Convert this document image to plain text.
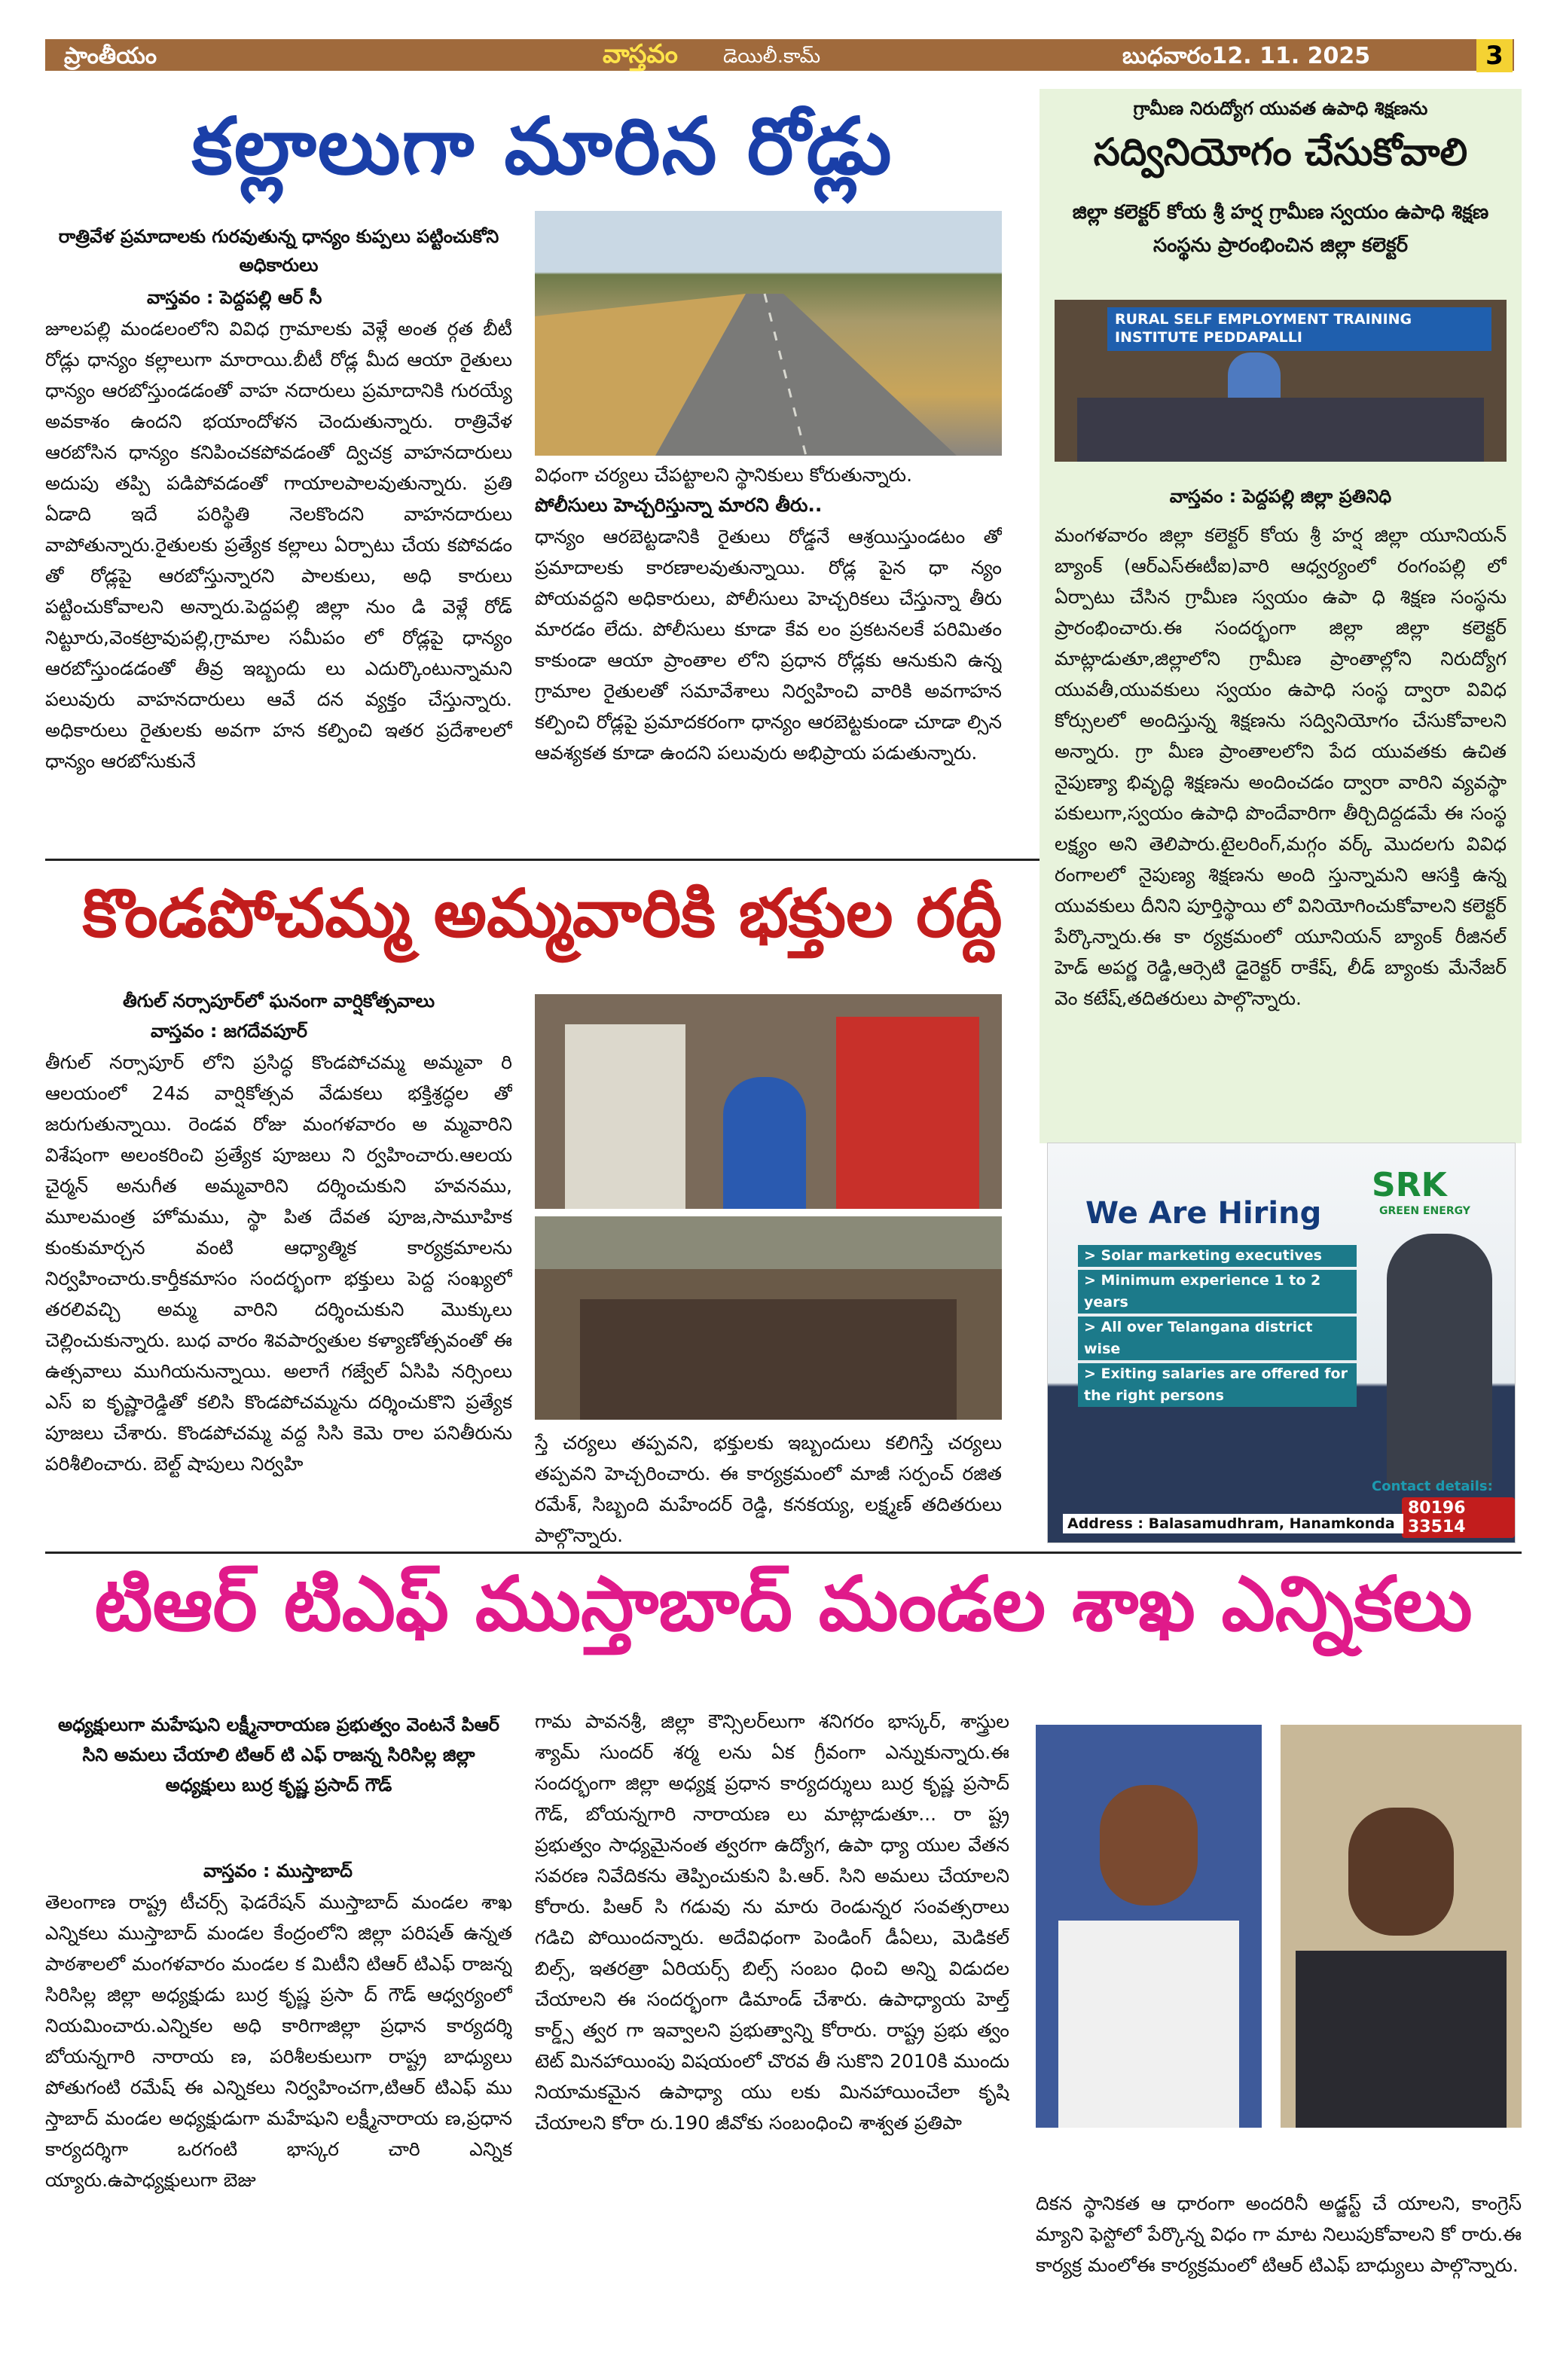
ప్రాంతీయం	వాస్తవం డెయిలీ.కామ్	బుధవారం12. 11. 2025	3
కల్లాలుగా మారిన రోడ్లు
రాత్రివేళ ప్రమాదాలకు గురవుతున్న ధాన్యం కుప్పలు పట్టించుకోని అధికారులు
వాస్తవం : పెద్దపల్లి ఆర్ సీ
జూలపల్లి మండలంలోని వివిధ గ్రామాలకు వెళ్లే అంత ర్గత బీటీ రోడ్లు ధాన్యం కల్లాలుగా మారాయి.బీటీ రోడ్ల మీద ఆయా రైతులు ధాన్యం ఆరబోస్తుండడంతో వాహ నదారులు ప్రమాదానికి గురయ్యే అవకాశం ఉందని భయాందోళన చెందుతున్నారు. రాత్రివేళ ఆరబోసిన ధాన్యం కనిపించకపోవడంతో ద్విచక్ర వాహనదారులు అదుపు తప్పి పడిపోవడంతో గాయాలపాలవుతున్నారు. ప్రతి ఏడాది ఇదే పరిస్థితి నెలకొందని వాహనదారులు వాపోతున్నారు.రైతులకు ప్రత్యేక కల్లాలు ఏర్పాటు చేయ కపోవడం తో రోడ్లపై ఆరబోస్తున్నారని పాలకులు, అధి కారులు పట్టించుకోవాలని అన్నారు.పెద్దపల్లి జిల్లా నుం డి వెళ్లే రోడ్ నిట్టూరు,వెంకట్రావుపల్లి,గ్రామాల సమీపం లో రోడ్లపై ధాన్యం ఆరబోస్తుండడంతో తీవ్ర ఇబ్బందు లు ఎదుర్కొంటున్నామని పలువురు వాహనదారులు ఆవే దన వ్యక్తం చేస్తున్నారు. అధికారులు రైతులకు అవగా హన కల్పించి ఇతర ప్రదేశాలలో ధాన్యం ఆరబోసుకునే
విధంగా చర్యలు చేపట్టాలని స్థానికులు కోరుతున్నారు.
పోలీసులు హెచ్చరిస్తున్నా మారని తీరు..
ధాన్యం ఆరబెట్టడానికి రైతులు రోడ్డనే ఆశ్రయిస్తుండటం తో ప్రమాదాలకు కారణాలవుతున్నాయి. రోడ్ల పైన ధా న్యం పోయవద్దని అధికారులు, పోలీసులు హెచ్చరికలు చేస్తున్నా తీరు మారడం లేదు. పోలీసులు కూడా కేవ లం ప్రకటనలకే పరిమితం కాకుండా ఆయా ప్రాంతాల లోని ప్రధాన రోడ్లకు ఆనుకుని ఉన్న గ్రామాల రైతులతో సమావేశాలు నిర్వహించి వారికి అవగాహన కల్పించి రోడ్లపై ప్రమాదకరంగా ధాన్యం ఆరబెట్టకుండా చూడా ల్సిన ఆవశ్యకత కూడా ఉందని పలువురు అభిప్రాయ పడుతున్నారు.
గ్రామీణ నిరుద్యోగ యువత ఉపాధి శిక్షణను
సద్వినియోగం చేసుకోవాలి
జిల్లా కలెక్టర్ కోయ శ్రీ హర్ష గ్రామీణ స్వయం ఉపాధి శిక్షణ సంస్థను ప్రారంభించిన జిల్లా కలెక్టర్
RURAL SELF EMPLOYMENT TRAINING INSTITUTE PEDDAPALLI
వాస్తవం : పెద్దపల్లి జిల్లా ప్రతినిధి
మంగళవారం జిల్లా కలెక్టర్ కోయ శ్రీ హర్ష జిల్లా యూనియన్ బ్యాంక్ (ఆర్ఎస్ఈటీఐ)వారి ఆధ్వర్యంలో రంగంపల్లి లో ఏర్పాటు చేసిన గ్రామీణ స్వయం ఉపా ధి శిక్షణ సంస్థను ప్రారంభించారు.ఈ సందర్భంగా జిల్లా జిల్లా కలెక్టర్ మాట్లాడుతూ,జిల్లాలోని గ్రామీణ ప్రాంతాల్లోని నిరుద్యోగ యువతీ,యువకులు స్వయం ఉపాధి సంస్థ ద్వారా వివిధ కోర్సులలో అందిస్తున్న శిక్షణను సద్వినియోగం చేసుకోవాలని అన్నారు. గ్రా మీణ ప్రాంతాలలోని పేద యువతకు ఉచిత నైపుణ్యా భివృద్ధి శిక్షణను అందించడం ద్వారా వారిని వ్యవస్థా పకులుగా,స్వయం ఉపాధి పొందేవారిగా తీర్చిదిద్దడమే ఈ సంస్థ లక్ష్యం అని తెలిపారు.టైలరింగ్,మగ్గం వర్క్ మొదలగు వివిధ రంగాలలో నైపుణ్య శిక్షణను అంది స్తున్నామని ఆసక్తి ఉన్న యువకులు దీనిని పూర్తిస్థాయి లో వినియోగించుకోవాలని కలెక్టర్ పేర్కొన్నారు.ఈ కా ర్యక్రమంలో యూనియన్ బ్యాంక్ రీజినల్ హెడ్ అపర్ణ రెడ్డి,ఆర్సెటి డైరెక్టర్ రాకేష్, లీడ్ బ్యాంకు మేనేజర్ వెం కటేష్,తదితరులు పాల్గొన్నారు.
SRK
GREEN ENERGY
We Are Hiring
> Solar marketing executives
> Minimum experience 1 to 2 years
> All over Telangana district wise
> Exiting salaries are offered for the right persons
Contact details:
80196 33514
Address : Balasamudhram, Hanamkonda
కొండపోచమ్మ అమ్మవారికి భక్తుల రద్దీ
తీగుల్ నర్సాపూర్‌లో ఘనంగా వార్షికోత్సవాలు
వాస్తవం : జగదేవపూర్
తీగుల్ నర్సాపూర్ లోని ప్రసిద్ధ కొండపోచమ్మ అమ్మవా రి ఆలయంలో 24వ వార్షికోత్సవ వేడుకలు భక్తిశ్రద్ధల తో జరుగుతున్నాయి. రెండవ రోజు మంగళవారం అ మ్మవారిని విశేషంగా అలంకరించి ప్రత్యేక పూజలు ని ర్వహించారు.ఆలయ చైర్మన్ అనుగీత అమ్మవారిని దర్శించుకుని హవనము, మూలమంత్ర హోమము, స్థా పిత దేవత పూజ,సామూహిక కుంకుమార్చన వంటి ఆధ్యాత్మిక కార్యక్రమాలను నిర్వహించారు.కార్తీకమాసం సందర్భంగా భక్తులు పెద్ద సంఖ్యలో తరలివచ్చి అమ్మ వారిని దర్శించుకుని మొక్కులు చెల్లించుకున్నారు. బుధ వారం శివపార్వతుల కళ్యాణోత్సవంతో ఈ ఉత్సవాలు ముగియనున్నాయి. అలాగే గజ్వేల్ ఏసిపి నర్సింలు ఎస్ ఐ కృష్ణారెడ్డితో కలిసి కొండపోచమ్మను దర్శించుకొని ప్రత్యేక పూజలు చేశారు. కొండపోచమ్మ వద్ద సిసి కెమె రాల పనితీరును పరిశీలించారు. బెల్ట్ షాపులు నిర్వహి
స్తే చర్యలు తప్పవని, భక్తులకు ఇబ్బందులు కలిగిస్తే చర్యలు తప్పవని హెచ్చరించారు. ఈ కార్యక్రమంలో మాజీ సర్పంచ్ రజిత రమేశ్, సిబ్బంది మహేందర్ రెడ్డి, కనకయ్య, లక్ష్మణ్ తదితరులు పాల్గొన్నారు.
టిఆర్ టిఎఫ్ ముస్తాబాద్ మండల శాఖ ఎన్నికలు
అధ్యక్షులుగా మహేషుని లక్ష్మీనారాయణ ప్రభుత్వం వెంటనే పిఆర్ సిని అమలు చేయాలి టిఆర్ టి ఎఫ్ రాజన్న సిరిసిల్ల జిల్లా అధ్యక్షులు బుర్ర కృష్ణ ప్రసాద్ గౌడ్
వాస్తవం : ముస్తాబాద్
తెలంగాణ రాష్ట్ర టీచర్స్ ఫెడరేషన్ ముస్తాబాద్ మండల శాఖ ఎన్నికలు ముస్తాబాద్ మండల కేంద్రంలోని జిల్లా పరిషత్ ఉన్నత పాఠశాలలో మంగళవారం మండల క మిటీని టిఆర్ టిఎఫ్ రాజన్న సిరిసిల్ల జిల్లా అధ్యక్షుడు బుర్ర కృష్ణ ప్రసా ద్ గౌడ్ ఆధ్వర్యంలో నియమించారు.ఎన్నికల అధి కారిగాజిల్లా ప్రధాన కార్యదర్శి బోయన్నగారి నారాయ ణ, పరిశీలకులుగా రాష్ట్ర బాధ్యులు పోతుగంటి రమేష్ ఈ ఎన్నికలు నిర్వహించగా,టిఆర్ టిఎఫ్ ము స్తాబాద్ మండల అధ్యక్షుడుగా మహేషుని లక్ష్మీనారాయ ణ,ప్రధాన కార్యదర్శిగా ఒరగంటి భాస్కర చారి ఎన్నిక య్యారు.ఉపాధ్యక్షులుగా బెజు
గామ పావనశ్రీ, జిల్లా కౌన్సిలర్‌లుగా శనిగరం భాస్కర్, శాస్త్రుల శ్యామ్ సుందర్ శర్మ లను ఏక గ్రీవంగా ఎన్నుకున్నారు.ఈ సందర్భంగా జిల్లా అధ్యక్ష ప్రధాన కార్యదర్శులు బుర్ర కృష్ణ ప్రసాద్ గౌడ్, బోయన్నగారి నారాయణ లు మాట్లాడుతూ... రా ష్ట్ర ప్రభుత్వం సాధ్యమైనంత త్వరగా ఉద్యోగ, ఉపా ధ్యా యుల వేతన సవరణ నివేదికను తెప్పించుకుని పి.ఆర్. సిని అమలు చేయాలని కోరారు. పిఆర్ సి గడువు ను మారు రెండున్నర సంవత్సరాలు గడిచి పోయిందన్నారు. అదేవిధంగా పెండింగ్ డీఏలు, మెడికల్ బిల్స్, ఇతరత్రా ఏరియర్స్ బిల్స్ సంబం ధించి అన్ని విడుదల చేయాలని ఈ సందర్భంగా డిమాండ్ చేశారు. ఉపాధ్యాయ హెల్త్ కార్డ్స్ త్వర గా ఇవ్వాలని ప్రభుత్వాన్ని కోరారు. రాష్ట్ర ప్రభు త్వం టెట్ మినహాయింపు విషయంలో చొరవ తీ సుకొని 2010కి ముందు నియామకమైన ఉపాధ్యా యు లకు మినహాయించేలా కృషి చేయాలని కోరా రు.190 జీవోకు సంబంధించి శాశ్వత ప్రతిపా
దికన స్థానికత ఆ ధారంగా అందరినీ అడ్జస్ట్ చే యాలని, కాంగ్రెస్ మ్యాని ఫెస్టోలో పేర్కొన్న విధం గా మాట నిలుపుకోవాలని కో రారు.ఈ కార్యక్ర మంలోఈ కార్యక్రమంలో టిఆర్ టిఎఫ్ బాధ్యులు పాల్గొన్నారు.
